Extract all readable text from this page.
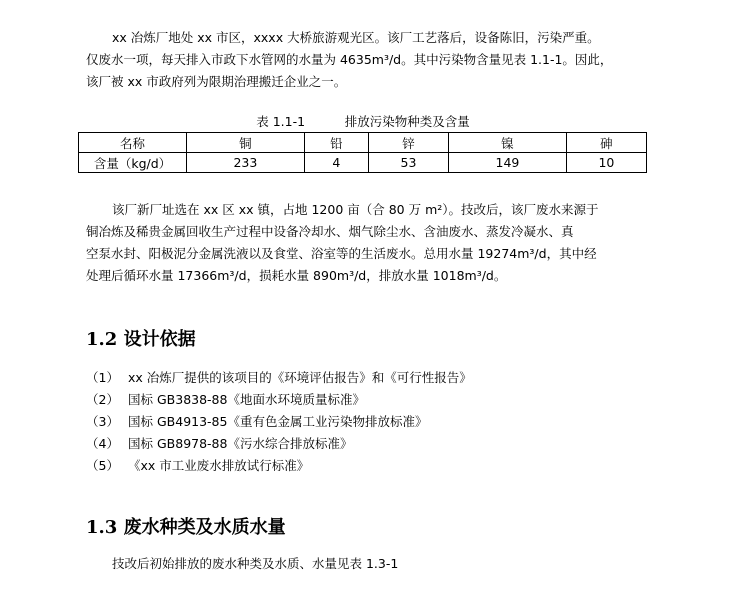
xx 冶炼厂地处 xx 市区，xxxx 大桥旅游观光区。该厂工艺落后，设备陈旧，污染严重。
仅废水一项，每天排入市政下水管网的水量为 4635m³/d。其中污染物含量见表 1.1-1。因此，
该厂被 xx 市政府列为限期治理搬迁企业之一。

表 1.1-1          排放污染物种类及含量
名称	铜	铅	锌	镍	砷
含量（kg/d）	233	4	53	149	10

该厂新厂址选在 xx 区 xx 镇，占地 1200 亩（合 80 万 m²）。技改后，该厂废水来源于
铜冶炼及稀贵金属回收生产过程中设备冷却水、烟气除尘水、含油废水、蒸发冷凝水、真
空泵水封、阳极泥分金属洗液以及食堂、浴室等的生活废水。总用水量 19274m³/d，其中经
处理后循环水量 17366m³/d，损耗水量 890m³/d，排放水量 1018m³/d。

1.2 设计依据
（1） xx 冶炼厂提供的该项目的《环境评估报告》和《可行性报告》
（2） 国标 GB3838-88《地面水环境质量标准》
（3） 国标 GB4913-85《重有色金属工业污染物排放标准》
（4） 国标 GB8978-88《污水综合排放标准》
（5） 《xx 市工业废水排放试行标准》
1.3 废水种类及水质水量

技改后初始排放的废水种类及水质、水量见表 1.3-1
